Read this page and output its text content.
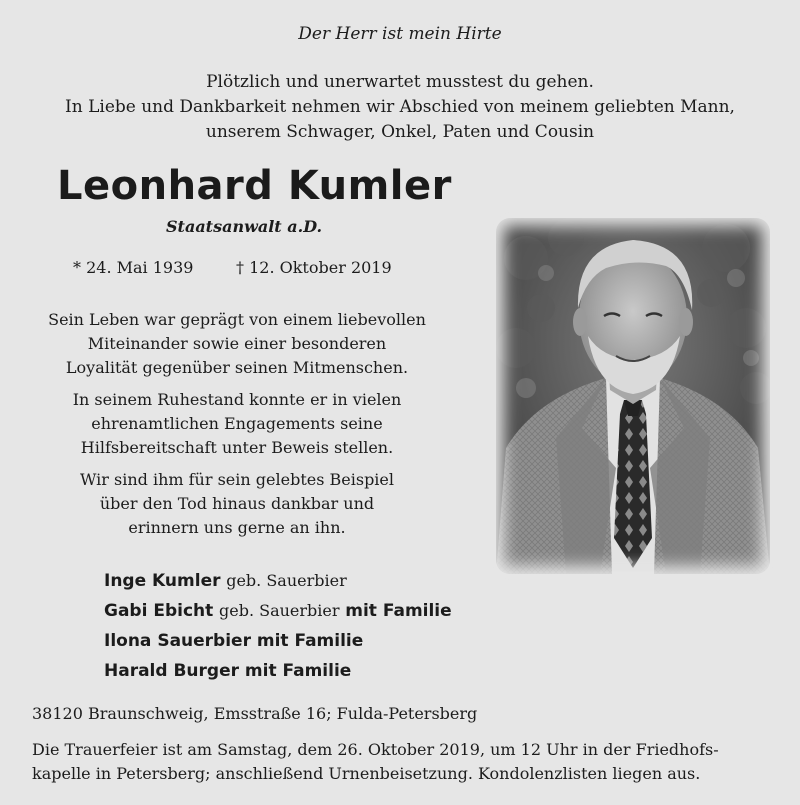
Der Herr ist mein Hirte
Plötzlich und unerwartet musstest du gehen.
In Liebe und Dankbarkeit nehmen wir Abschied von meinem geliebten Mann,
unserem Schwager, Onkel, Paten und Cousin
Leonhard Kumler
Staatsanwalt a.D.
* 24. Mai 1939	† 12. Oktober 2019
Sein Leben war geprägt von einem liebevollen
Miteinander sowie einer besonderen
Loyalität gegenüber seinen Mitmenschen.
In seinem Ruhestand konnte er in vielen
ehrenamtlichen Engagements seine
Hilfsbereitschaft unter Beweis stellen.
Wir sind ihm für sein gelebtes Beispiel
über den Tod hinaus dankbar und
erinnern uns gerne an ihn.
Inge Kumler geb. Sauerbier
Gabi Ebicht geb. Sauerbier mit Familie
Ilona Sauerbier mit Familie
Harald Burger mit Familie
38120 Braunschweig, Emsstraße 16; Fulda-Petersberg
Die Trauerfeier ist am Samstag, dem 26. Oktober 2019, um 12 Uhr in der Friedhofs-
kapelle in Petersberg; anschließend Urnenbeisetzung. Kondolenzlisten liegen aus.
